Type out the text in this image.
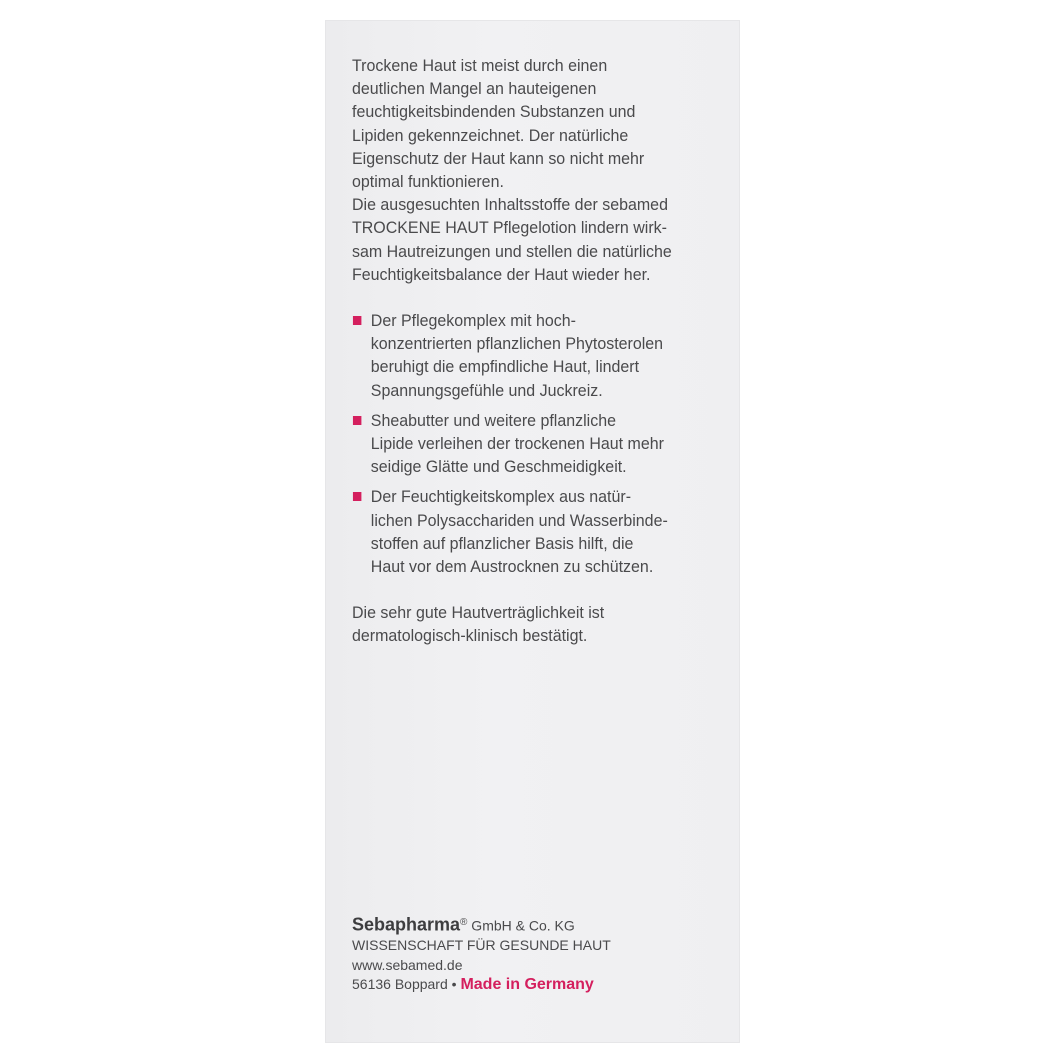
Trockene Haut ist meist durch einen
deutlichen Mangel an hauteigenen
feuchtigkeitsbindenden Substanzen und
Lipiden gekennzeichnet. Der natürliche
Eigenschutz der Haut kann so nicht mehr
optimal funktionieren.
Die ausgesuchten Inhaltsstoffe der sebamed
TROCKENE HAUT Pflegelotion lindern wirk-
sam Hautreizungen und stellen die natürliche
Feuchtigkeitsbalance der Haut wieder her.

Der Pflegekomplex mit hoch-
konzentrierten pflanzlichen Phytosterolen
beruhigt die empfindliche Haut, lindert
Spannungsgefühle und Juckreiz.
Sheabutter und weitere pflanzliche
Lipide verleihen der trockenen Haut mehr
seidige Glätte und Geschmeidigkeit.
Der Feuchtigkeitskomplex aus natür-
lichen Polysacchariden und Wasserbinde-
stoffen auf pflanzlicher Basis hilft, die
Haut vor dem Austrocknen zu schützen.

Die sehr gute Hautverträglichkeit ist
dermatologisch-klinisch bestätigt.

Sebapharma® GmbH & Co. KG
WISSENSCHAFT FÜR GESUNDE HAUT
www.sebamed.de
56136 Boppard • Made in Germany
